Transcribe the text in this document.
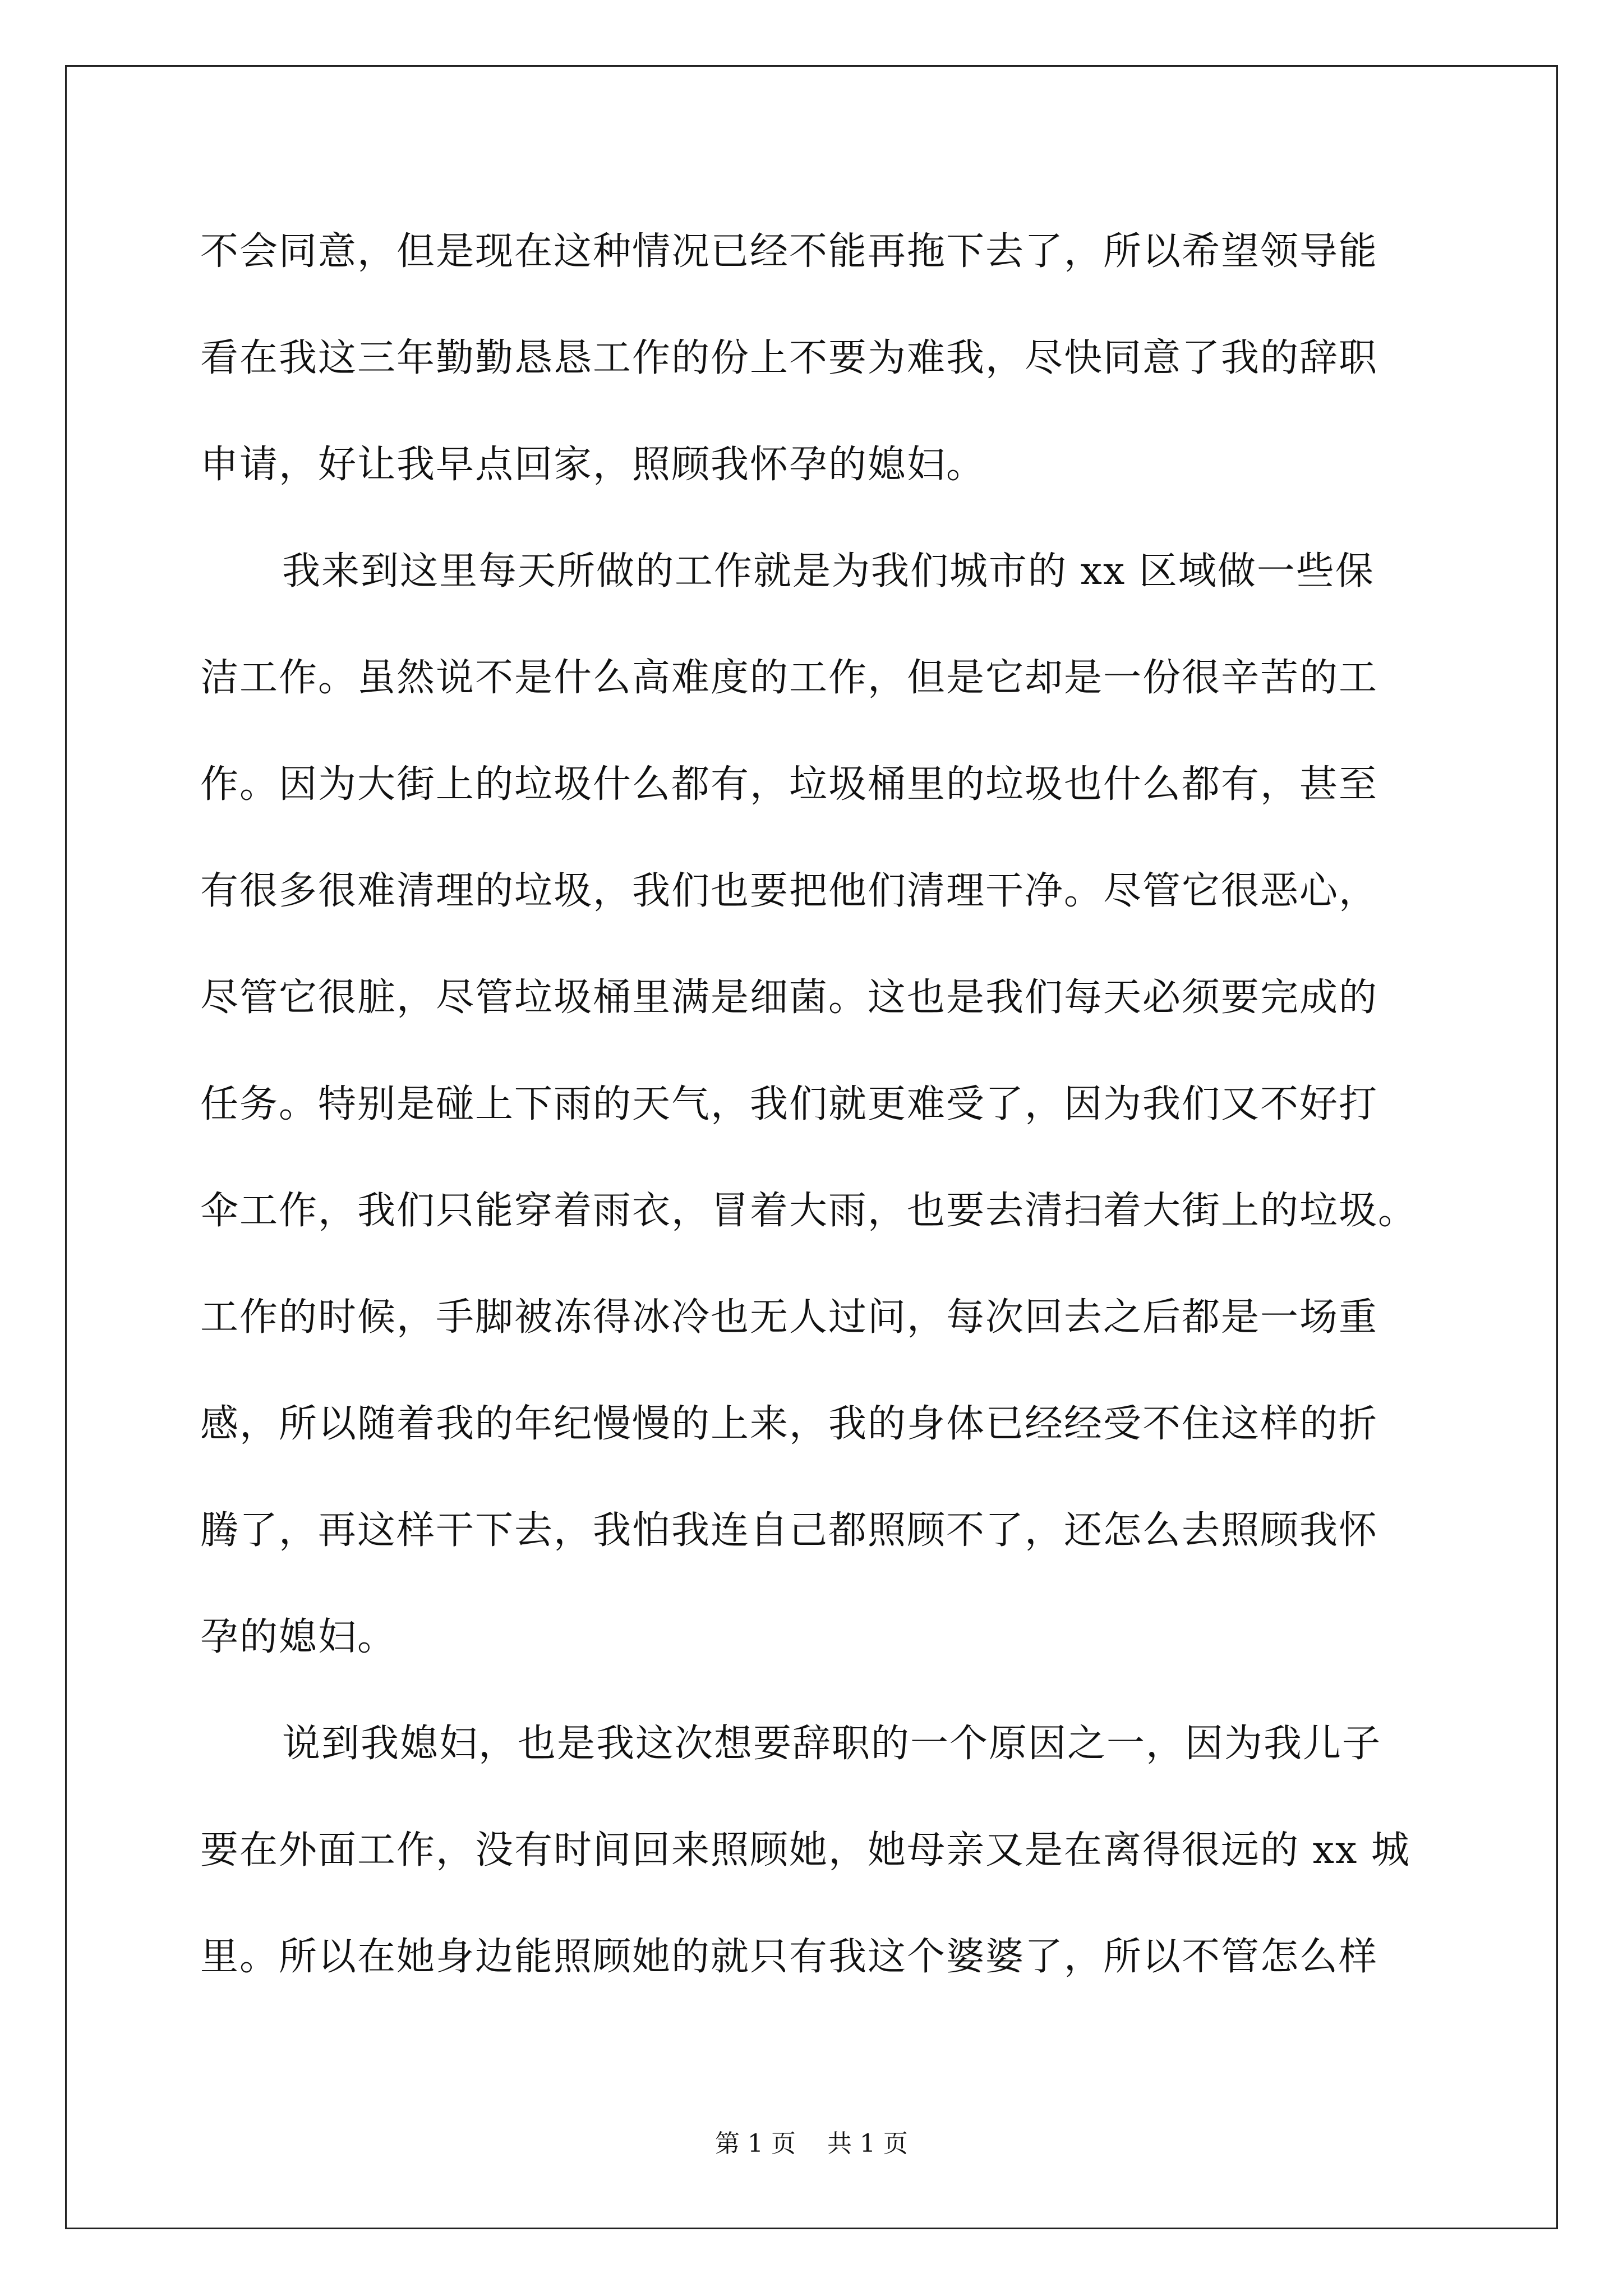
不会同意，但是现在这种情况已经不能再拖下去了，所以希望领导能
看在我这三年勤勤恳恳工作的份上不要为难我，尽快同意了我的辞职
申请，好让我早点回家，照顾我怀孕的媳妇。
我来到这里每天所做的工作就是为我们城市的 xx 区域做一些保
洁工作。虽然说不是什么高难度的工作，但是它却是一份很辛苦的工
作。因为大街上的垃圾什么都有，垃圾桶里的垃圾也什么都有，甚至
有很多很难清理的垃圾，我们也要把他们清理干净。尽管它很恶心，
尽管它很脏，尽管垃圾桶里满是细菌。这也是我们每天必须要完成的
任务。特别是碰上下雨的天气，我们就更难受了，因为我们又不好打
伞工作，我们只能穿着雨衣，冒着大雨，也要去清扫着大街上的垃圾。
工作的时候，手脚被冻得冰冷也无人过问，每次回去之后都是一场重
感，所以随着我的年纪慢慢的上来，我的身体已经经受不住这样的折
腾了，再这样干下去，我怕我连自己都照顾不了，还怎么去照顾我怀
孕的媳妇。
说到我媳妇，也是我这次想要辞职的一个原因之一，因为我儿子
要在外面工作，没有时间回来照顾她，她母亲又是在离得很远的 xx 城
里。所以在她身边能照顾她的就只有我这个婆婆了，所以不管怎么样
第 1 页    共 1 页
